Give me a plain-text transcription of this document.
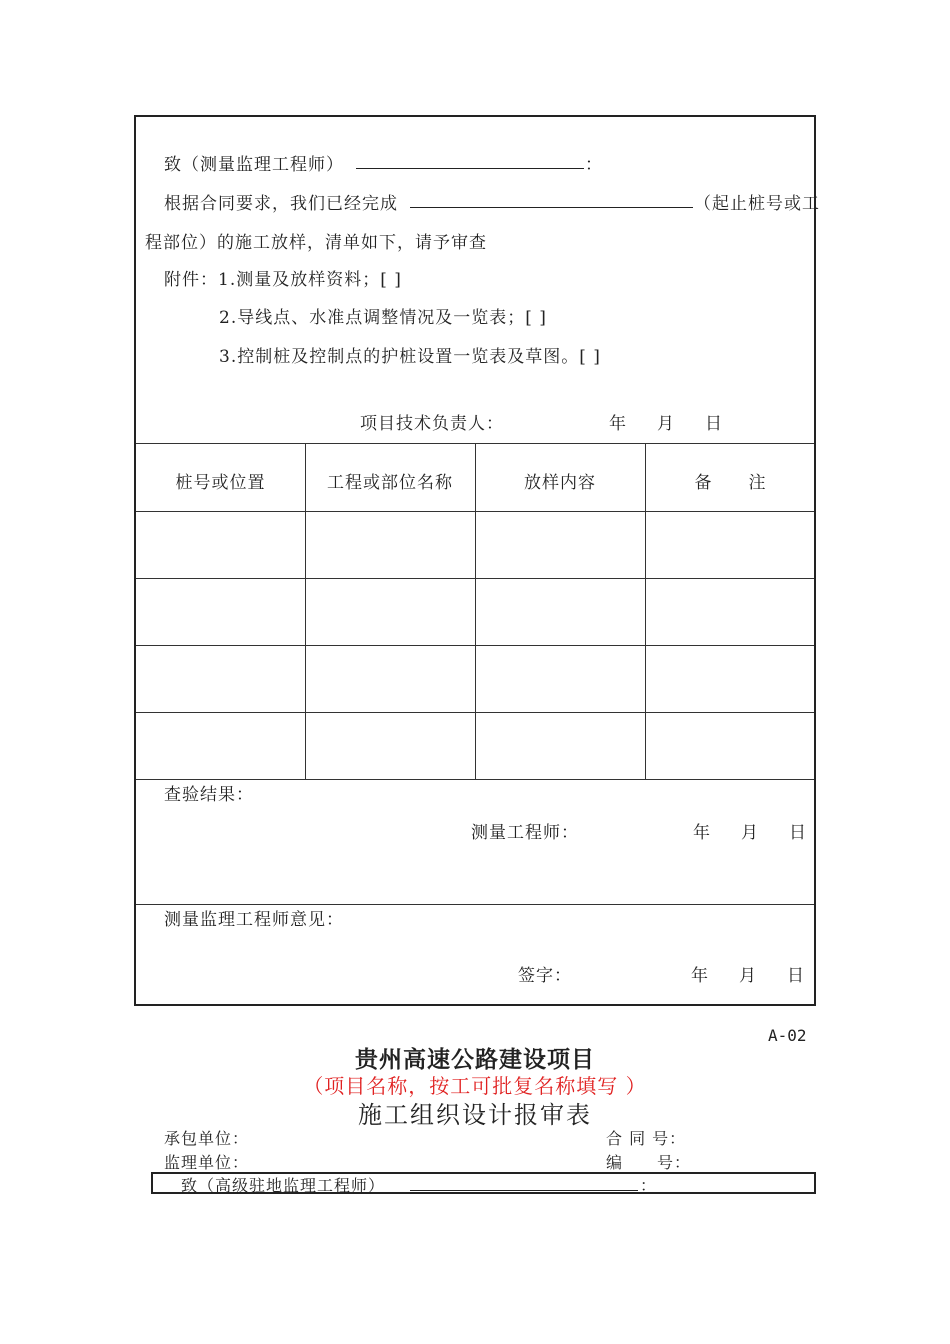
桩号或位置	工程或部位名称	放样内容	备　　注
致（测量监理工程师）	：
根据合同要求，我们已经完成	（起止桩号或工
程部位）的施工放样，清单如下，请予审查
附件：1.测量及放样资料；[ ]
2.导线点、水准点调整情况及一览表；[ ]
3.控制桩及控制点的护桩设置一览表及草图。[ ]
项目技术负责人：	年 月 日
查验结果：
测量工程师：	年 月 日
测量监理工程师意见：
签字：	年 月 日
A-02
贵州高速公路建设项目
（项目名称，按工可批复名称填写 ）
施工组织设计报审表
承包单位：	合 同 号：
监理单位：	编　　号：
致（高级驻地监理工程师）	：
